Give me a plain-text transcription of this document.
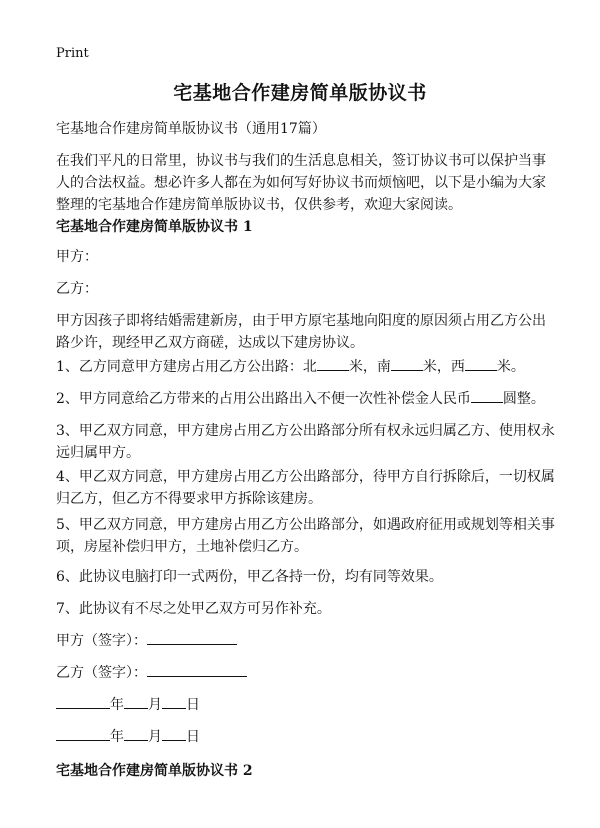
Print
宅基地合作建房简单版协议书

宅基地合作建房简单版协议书（通用17篇）

在我们平凡的日常里，协议书与我们的生活息息相关，签订协议书可以保护当事人的合法权益。想必许多人都在为如何写好协议书而烦恼吧，以下是小编为大家整理的宅基地合作建房简单版协议书，仅供参考，欢迎大家阅读。

宅基地合作建房简单版协议书 1

甲方：

乙方：

甲方因孩子即将结婚需建新房，由于甲方原宅基地向阳度的原因须占用乙方公出路少许，现经甲乙双方商磋，达成以下建房协议。

1、乙方同意甲方建房占用乙方公出路：北 米，南 米，西 米。

2、甲方同意给乙方带来的占用公出路出入不便一次性补偿金人民币 圆整。

3、甲乙双方同意，甲方建房占用乙方公出路部分所有权永远归属乙方、使用权永远归属甲方。

4、甲乙双方同意，甲方建房占用乙方公出路部分，待甲方自行拆除后，一切权属归乙方，但乙方不得要求甲方拆除该建房。

5、甲乙双方同意，甲方建房占用乙方公出路部分，如遇政府征用或规划等相关事项，房屋补偿归甲方，土地补偿归乙方。

6、此协议电脑打印一式两份，甲乙各持一份，均有同等效果。

7、此协议有不尽之处甲乙双方可另作补充。

甲方（签字）：

乙方（签字）：

年 月 日

年 月 日

宅基地合作建房简单版协议书 2
